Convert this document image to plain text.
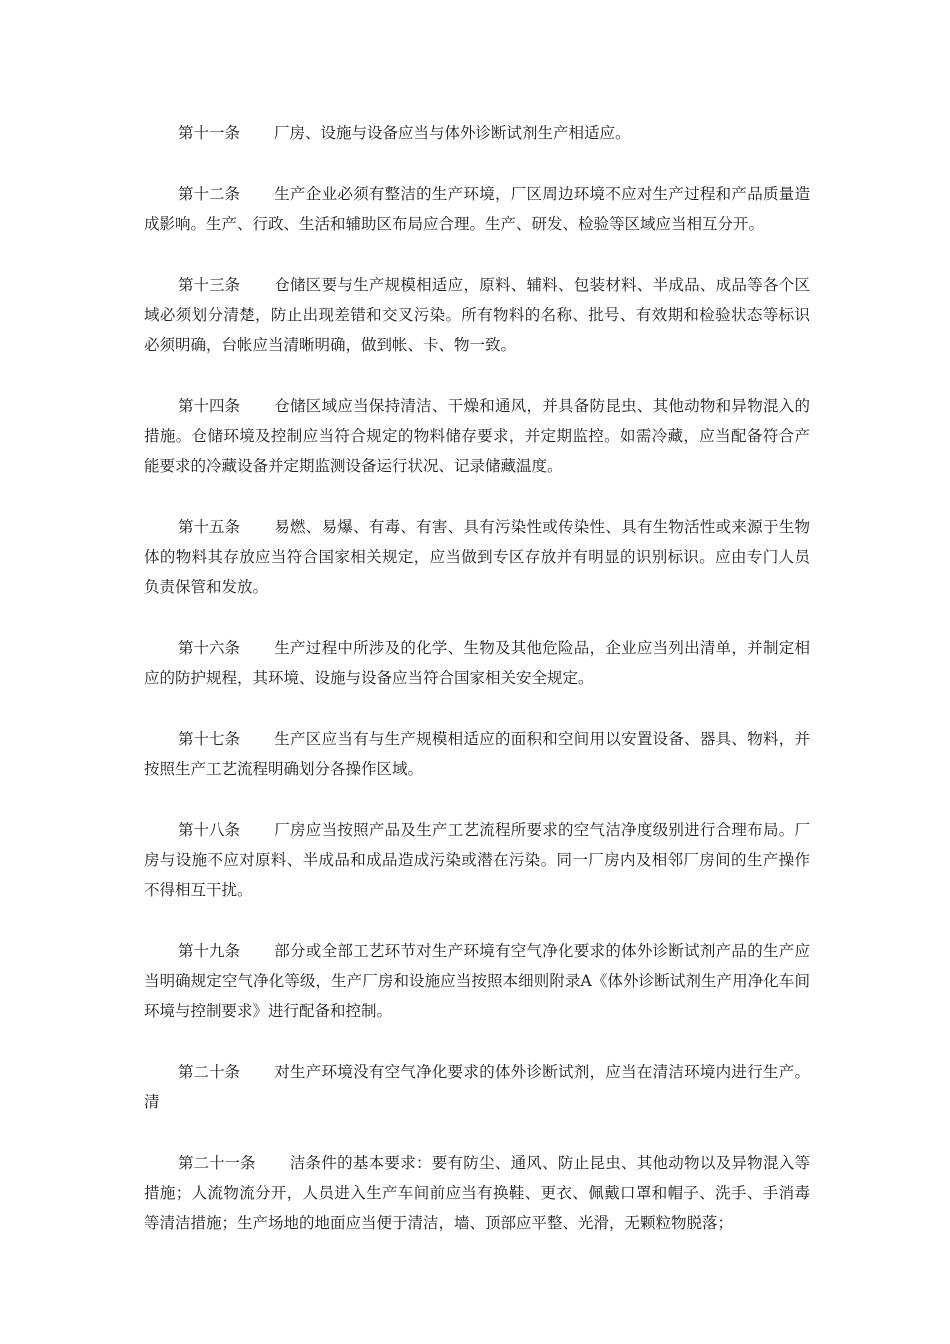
第十一条 厂房、设施与设备应当与体外诊断试剂生产相适应。

第十二条 生产企业必须有整洁的生产环境，厂区周边环境不应对生产过程和产品质量造成影响。生产、行政、生活和辅助区布局应合理。生产、研发、检验等区域应当相互分开。

第十三条 仓储区要与生产规模相适应，原料、辅料、包装材料、半成品、成品等各个区域必须划分清楚，防止出现差错和交叉污染。所有物料的名称、批号、有效期和检验状态等标识必须明确，台帐应当清晰明确，做到帐、卡、物一致。

第十四条 仓储区域应当保持清洁、干燥和通风，并具备防昆虫、其他动物和异物混入的措施。仓储环境及控制应当符合规定的物料储存要求，并定期监控。如需冷藏，应当配备符合产能要求的冷藏设备并定期监测设备运行状况、记录储藏温度。

第十五条 易燃、易爆、有毒、有害、具有污染性或传染性、具有生物活性或来源于生物体的物料其存放应当符合国家相关规定，应当做到专区存放并有明显的识别标识。应由专门人员负责保管和发放。

第十六条 生产过程中所涉及的化学、生物及其他危险品，企业应当列出清单，并制定相应的防护规程，其环境、设施与设备应当符合国家相关安全规定。

第十七条 生产区应当有与生产规模相适应的面积和空间用以安置设备、器具、物料，并按照生产工艺流程明确划分各操作区域。

第十八条 厂房应当按照产品及生产工艺流程所要求的空气洁净度级别进行合理布局。厂房与设施不应对原料、半成品和成品造成污染或潜在污染。同一厂房内及相邻厂房间的生产操作不得相互干扰。

第十九条 部分或全部工艺环节对生产环境有空气净化要求的体外诊断试剂产品的生产应当明确规定空气净化等级，生产厂房和设施应当按照本细则附录A《体外诊断试剂生产用净化车间环境与控制要求》进行配备和控制。

第二十条 对生产环境没有空气净化要求的体外诊断试剂，应当在清洁环境内进行生产。清

第二十一条 洁条件的基本要求：要有防尘、通风、防止昆虫、其他动物以及异物混入等措施；人流物流分开，人员进入生产车间前应当有换鞋、更衣、佩戴口罩和帽子、洗手、手消毒等清洁措施；生产场地的地面应当便于清洁，墙、顶部应平整、光滑，无颗粒物脱落；
